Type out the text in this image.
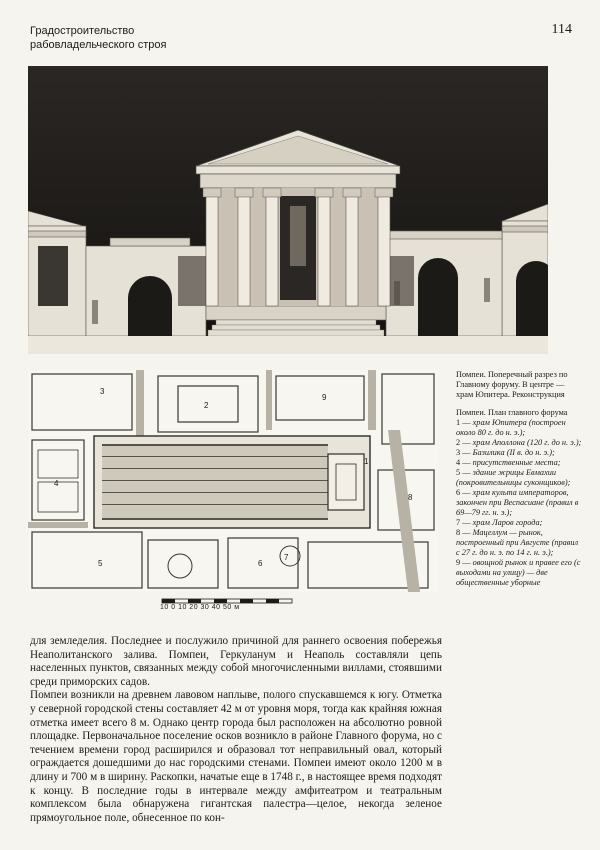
Градостроительство
рабовладельческого строя
114
1
2
3
4
5	6
7
8
9
10 0 10 20 30 40 50 м

Помпеи. Поперечный разрез по Главному форуму. В центре — храм Юпитера. Реконструкция

Помпеи. План главного форума

1 — храм Юпитера (построен около 80 г. до н. э.);

2 — храм Аполлона (120 г. до н. э.);

3 — Базилика (II в. до н. э.);

4 — присутственные места;

5 — здание жрицы Евмахии (покровительницы суконщиков);

6 — храм культа императоров, закончен при Веспасиане (правил в 69—79 гг. н. э.);

7 — храм Ларов города;

8 — Мацеллум — рынок, построенный при Августе (правил с 27 г. до н. э. по 14 г. н. э.);

9 — овощной рынок и правее его (с выходами на улицу) — две общественные уборные

для земледелия. Последнее и послужило причиной для раннего освоения побережья Неаполитанского залива. Помпеи, Геркуланум и Неаполь составляли цепь населенных пунктов, связанных между собой многочисленными виллами, стоявшими среди приморских садов.

Помпеи возникли на древнем лавовом наплыве, полого спускавшемся к югу. Отметка у северной городской стены составляет 42 м от уровня моря, тогда как крайняя южная отметка имеет всего 8 м. Однако центр города был расположен на абсолютно ровной площадке. Первоначальное поселение осков возникло в районе Главного форума, но с течением времени город расширился и образовал тот неправильный овал, который ограждается дошедшими до нас городскими стенами. Помпеи имеют около 1200 м в длину и 700 м в ширину. Раскопки, начатые еще в 1748 г., в настоящее время подходят к концу. В последние годы в интервале между амфитеатром и театральным комплексом была обнаружена гигантская палестра—целое, некогда зеленое прямоугольное поле, обнесенное по кон-
